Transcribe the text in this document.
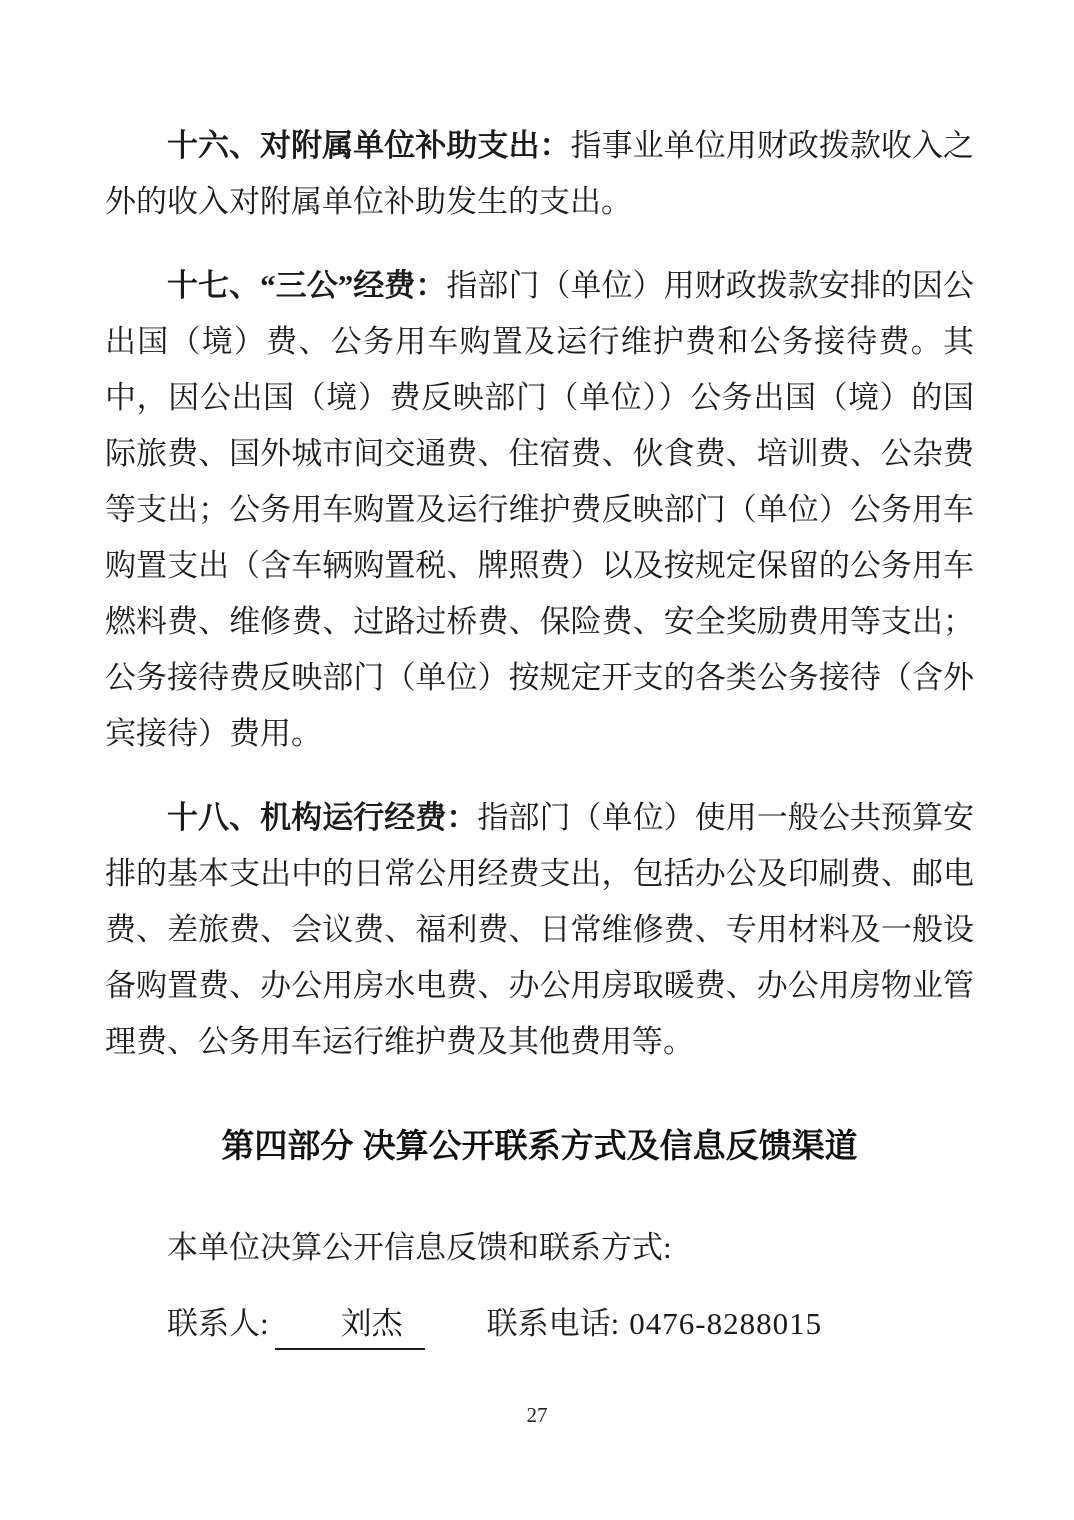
十六、对附属单位补助支出：指事业单位用财政拨款收入之外的收入对附属单位补助发生的支出。

十七、“三公”经费：指部门（单位）用财政拨款安排的因公出国（境）费、公务用车购置及运行维护费和公务接待费。其中，因公出国（境）费反映部门（单位））公务出国（境）的国际旅费、国外城市间交通费、住宿费、伙食费、培训费、公杂费等支出；公务用车购置及运行维护费反映部门（单位）公务用车购置支出（含车辆购置税、牌照费）以及按规定保留的公务用车燃料费、维修费、过路过桥费、保险费、安全奖励费用等支出；公务接待费反映部门（单位）按规定开支的各类公务接待（含外宾接待）费用。

十八、机构运行经费：指部门（单位）使用一般公共预算安排的基本支出中的日常公用经费支出，包括办公及印刷费、邮电费、差旅费、会议费、福利费、日常维修费、专用材料及一般设备购置费、办公用房水电费、办公用房取暖费、办公用房物业管理费、公务用车运行维护费及其他费用等。

第四部分 决算公开联系方式及信息反馈渠道

本单位决算公开信息反馈和联系方式:

联系人: 刘杰	联系电话: 0476-8288015

27
